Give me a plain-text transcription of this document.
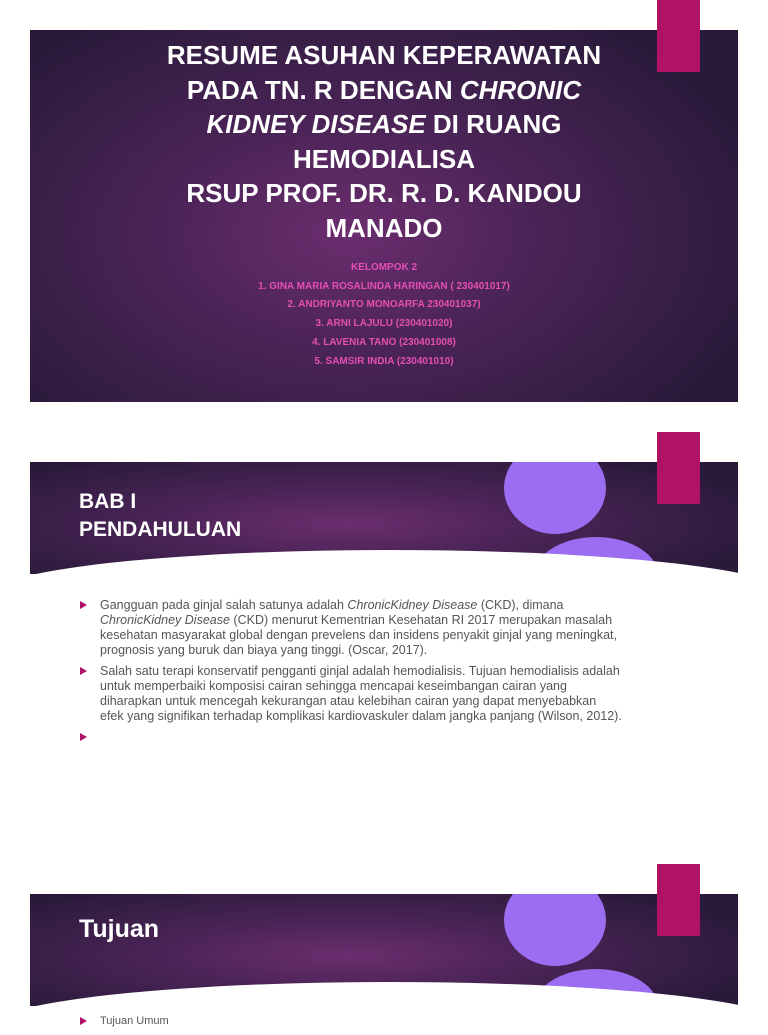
RESUME ASUHAN KEPERAWATAN
PADA TN. R DENGAN CHRONIC
KIDNEY DISEASE DI RUANG
HEMODIALISA
RSUP PROF. DR. R. D. KANDOU
MANADO
KELOMPOK 2
1. GINA MARIA ROSALINDA HARINGAN ( 230401017)
2. ANDRIYANTO MONOARFA 230401037)
3. ARNI LAJULU (230401020)
4. LAVENIA TANO (230401008)
5. SAMSIR INDIA (230401010)
BAB I
PENDAHULUAN
Gangguan pada ginjal salah satunya adalah ChronicKidney Disease (CKD), dimana ChronicKidney Disease (CKD) menurut Kementrian Kesehatan RI 2017 merupakan masalah kesehatan masyarakat global dengan prevelens dan insidens penyakit ginjal yang meningkat, prognosis yang buruk dan biaya yang tinggi. (Oscar, 2017).
Salah satu terapi konservatif pengganti ginjal adalah hemodialisis. Tujuan hemodialisis adalah untuk memperbaiki komposisi cairan sehingga mencapai keseimbangan cairan yang diharapkan untuk mencegah kekurangan atau kelebihan cairan yang dapat menyebabkan efek yang signifikan terhadap komplikasi kardiovaskuler dalam jangka panjang (Wilson, 2012).
Tujuan
Tujuan Umum
